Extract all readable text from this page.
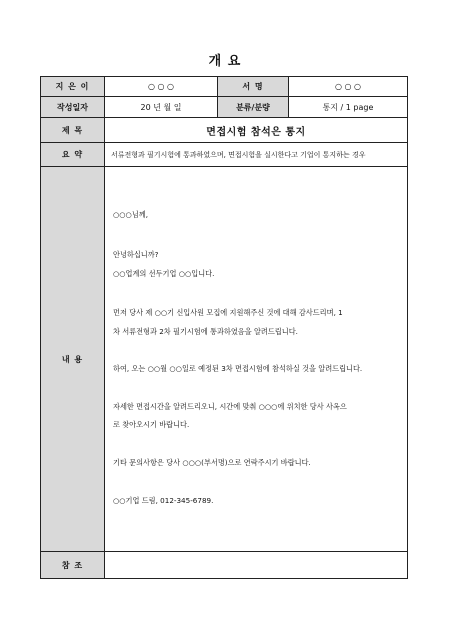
개 요
지 은 이	○ ○ ○	서 명	○ ○ ○
작성일자	20 년 월 일	분류/분량	통지 / 1 page
제 목	면접시험 참석은 통지
요 약	서류전형과 필기시험에 통과하였으며, 면접시험을 실시한다고 기업이 통지하는 경우
내 용
○○○님께,
안녕하십니까?
○○업계의 선두기업 ○○입니다.
먼저 당사 제 ○○기 신입사원 모집에 지원해주신 것에 대해 감사드리며, 1
차 서류전형과 2차 필기시험에 통과하였음을 알려드립니다.
하여, 오는 ○○월 ○○일로 예정된 3차 면접시험에 참석하실 것을 알려드립니다.
자세한 면접시간을 알려드리오니, 시간에 맞춰 ○○○에 위치한 당사 사옥으
로 찾아오시기 바랍니다.
기타 문의사항은 당사 ○○○(부서명)으로 연락주시기 바랍니다.
○○기업 드림, 012-345-6789.
참 조
